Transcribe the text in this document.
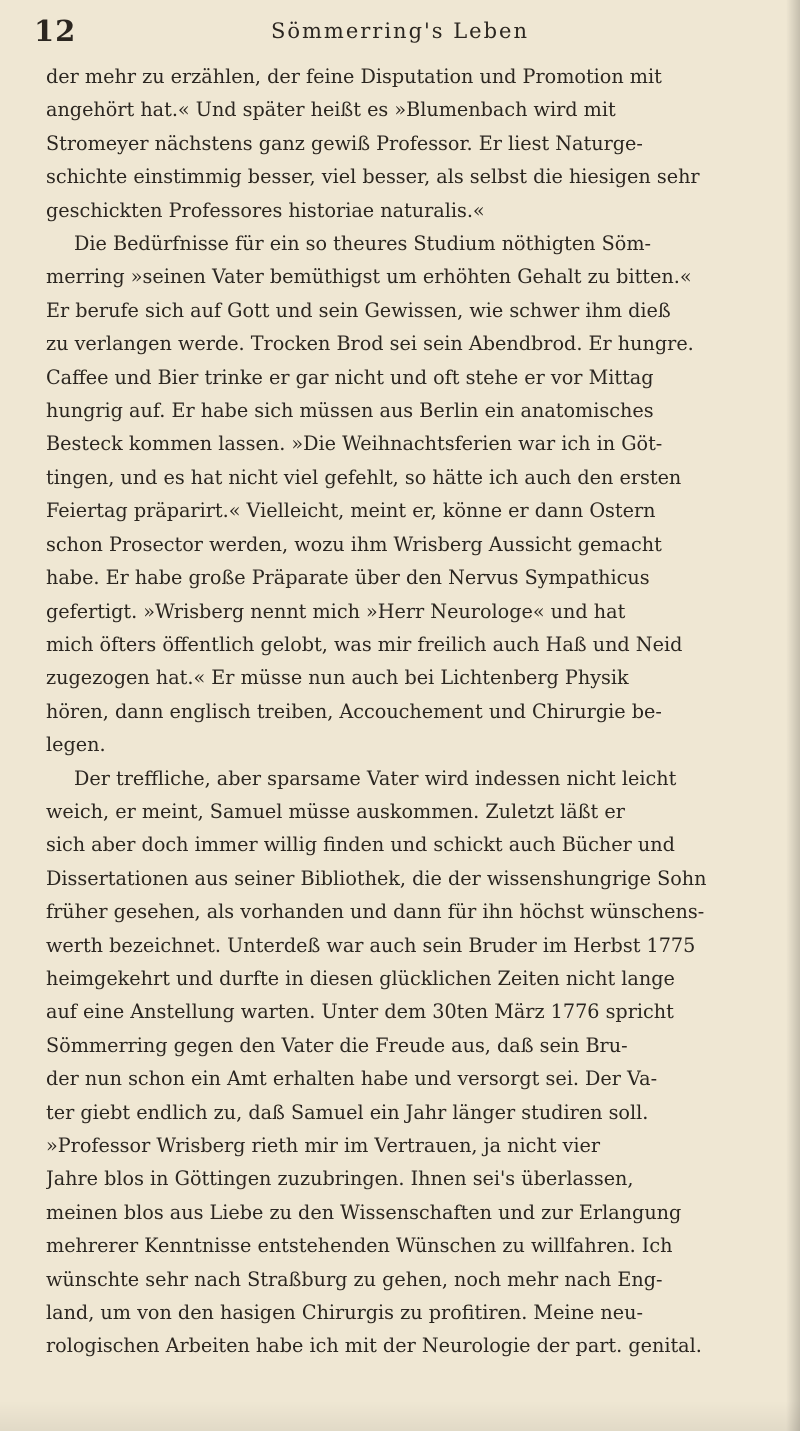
12	Sömmerring's Leben

der mehr zu erzählen, der feine Disputation und Promotion mit
angehört hat.« Und später heißt es »Blumenbach wird mit
Stromeyer nächstens ganz gewiß Professor. Er liest Naturge-
schichte einstimmig besser, viel besser, als selbst die hiesigen sehr
geschickten Professores historiae naturalis.«

Die Bedürfnisse für ein so theures Studium nöthigten Söm-
merring »seinen Vater bemüthigst um erhöhten Gehalt zu bitten.«
Er berufe sich auf Gott und sein Gewissen, wie schwer ihm dieß
zu verlangen werde. Trocken Brod sei sein Abendbrod. Er hungre.
Caffee und Bier trinke er gar nicht und oft stehe er vor Mittag
hungrig auf. Er habe sich müssen aus Berlin ein anatomisches
Besteck kommen lassen. »Die Weihnachtsferien war ich in Göt-
tingen, und es hat nicht viel gefehlt, so hätte ich auch den ersten
Feiertag präparirt.« Vielleicht, meint er, könne er dann Ostern
schon Prosector werden, wozu ihm Wrisberg Aussicht gemacht
habe. Er habe große Präparate über den Nervus Sympathicus
gefertigt. »Wrisberg nennt mich »Herr Neurologe« und hat
mich öfters öffentlich gelobt, was mir freilich auch Haß und Neid
zugezogen hat.« Er müsse nun auch bei Lichtenberg Physik
hören, dann englisch treiben, Accouchement und Chirurgie be-
legen.

Der treffliche, aber sparsame Vater wird indessen nicht leicht
weich, er meint, Samuel müsse auskommen. Zuletzt läßt er
sich aber doch immer willig finden und schickt auch Bücher und
Dissertationen aus seiner Bibliothek, die der wissenshungrige Sohn
früher gesehen, als vorhanden und dann für ihn höchst wünschens-
werth bezeichnet. Unterdeß war auch sein Bruder im Herbst 1775
heimgekehrt und durfte in diesen glücklichen Zeiten nicht lange
auf eine Anstellung warten. Unter dem 30ten März 1776 spricht
Sömmerring gegen den Vater die Freude aus, daß sein Bru-
der nun schon ein Amt erhalten habe und versorgt sei. Der Va-
ter giebt endlich zu, daß Samuel ein Jahr länger studiren soll.
»Professor Wrisberg rieth mir im Vertrauen, ja nicht vier
Jahre blos in Göttingen zuzubringen. Ihnen sei's überlassen,
meinen blos aus Liebe zu den Wissenschaften und zur Erlangung
mehrerer Kenntnisse entstehenden Wünschen zu willfahren. Ich
wünschte sehr nach Straßburg zu gehen, noch mehr nach Eng-
land, um von den hasigen Chirurgis zu profitiren. Meine neu-
rologischen Arbeiten habe ich mit der Neurologie der part. genital.
